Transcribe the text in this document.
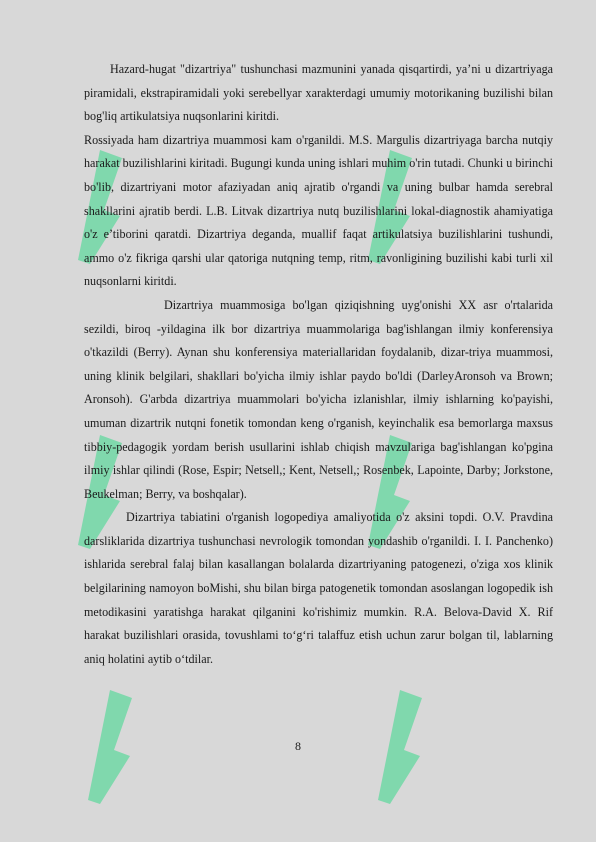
Hazard-hugat "dizartriya" tushunchasi mazmunini yanada qisqartirdi, ya’ni u dizartriyaga piramidali, ekstrapiramidali yoki serebellyar xarakterdagi umumiy motorikaning buzilishi bilan bog'liq artikulatsiya nuqsonlarini kiritdi.

Rossiyada ham dizartriya muammosi kam o'rganildi. M.S. Margulis dizartriyaga barcha nutqiy harakat buzilishlarini kiritadi. Bugungi kunda uning ishlari muhim o'rin tutadi. Chunki u birinchi bo'lib, dizartriyani motor afaziyadan aniq ajratib o'rgandi va uning bulbar hamda serebral shakllarini ajratib berdi. L.B. Litvak dizartriya nutq buzilishlarini lokal-diagnostik ahamiyatiga o'z e’tiborini qaratdi. Dizartriya deganda, muallif faqat artikulatsiya buzilishlarini tushundi, ammo o'z fikriga qarshi ular qatoriga nutqning temp, ritm, ravonligining buzilishi kabi turli xil nuqsonlarni kiritdi.

Dizartriya muammosiga bo'lgan qiziqishning uyg'onishi XX asr o'rtalarida sezildi, biroq -yildagina ilk bor dizartriya muammolariga bag'ishlangan ilmiy konferensiya o'tkazildi (Berry). Aynan shu konferensiya materiallaridan foydalanib, dizar-triya muammosi, uning klinik belgilari, shakllari bo'yicha ilmiy ishlar paydo bo'ldi (DarleyAronsoh va Brown; Aronsoh). G'arbda dizartriya muammolari bo'yicha izlanishlar, ilmiy ishlarning ko'payishi, umuman dizartrik nutqni fonetik tomondan keng o'rganish, keyinchalik esa bemorlarga maxsus tibbiy-pedagogik yordam berish usullarini ishlab chiqish mavzulariga bag'ishlangan ko'pgina ilmiy ishlar qilindi (Rose, Espir; Netsell,; Kent, Netsell,; Rosenbek, Lapointe, Darby; Jorkstone, Beukelman; Berry, va boshqalar).

Dizartriya tabiatini o'rganish logopediya amaliyotida o'z aksini topdi. O.V. Pravdina darsliklarida dizartriya tushunchasi nevrologik tomondan yondashib o'rganildi. I. I. Panchenko) ishlarida serebral falaj bilan kasallangan bolalarda dizartriyaning patogenezi, o'ziga xos klinik belgilarining namoyon boMishi, shu bilan birga patogenetik tomondan asoslangan logopedik ish metodikasini yaratishga harakat qilganini ko'rishimiz mumkin. R.A. Belova-David X. Rif harakat buzilishlari orasida, tovushlami to‘g‘ri talaffuz etish uchun zarur bolgan til, lablarning aniq holatini aytib o‘tdilar.

8
